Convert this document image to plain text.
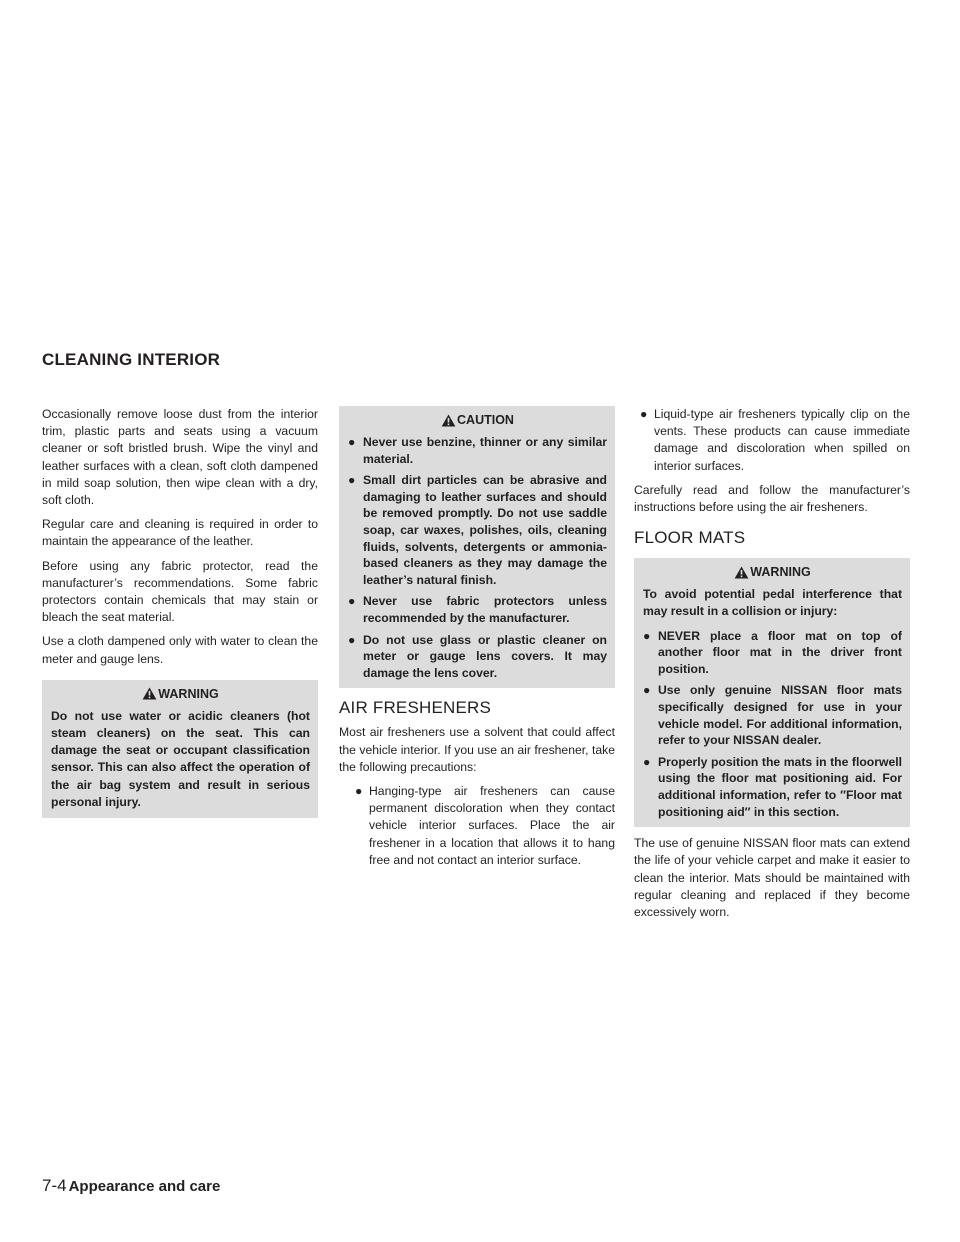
CLEANING INTERIOR

Occasionally remove loose dust from the interior trim, plastic parts and seats using a vacuum cleaner or soft bristled brush. Wipe the vinyl and leather surfaces with a clean, soft cloth dampened in mild soap solution, then wipe clean with a dry, soft cloth.

Regular care and cleaning is required in order to maintain the appearance of the leather.

Before using any fabric protector, read the manufacturer’s recommendations. Some fabric protectors contain chemicals that may stain or bleach the seat material.

Use a cloth dampened only with water to clean the meter and gauge lens.

WARNING

Do not use water or acidic cleaners (hot steam cleaners) on the seat. This can damage the seat or occupant classification sensor. This can also affect the operation of the air bag system and result in serious personal injury.

CAUTION
● Never use benzine, thinner or any similar material.
● Small dirt particles can be abrasive and damaging to leather surfaces and should be removed promptly. Do not use saddle soap, car waxes, polishes, oils, cleaning fluids, solvents, detergents or ammonia-based cleaners as they may damage the leather’s natural finish.
● Never use fabric protectors unless recommended by the manufacturer.
● Do not use glass or plastic cleaner on meter or gauge lens covers. It may damage the lens cover.
AIR FRESHENERS

Most air fresheners use a solvent that could affect the vehicle interior. If you use an air freshener, take the following precautions:

● Hanging-type air fresheners can cause permanent discoloration when they contact vehicle interior surfaces. Place the air freshener in a location that allows it to hang free and not contact an interior surface.
● Liquid-type air fresheners typically clip on the vents. These products can cause immediate damage and discoloration when spilled on interior surfaces.

Carefully read and follow the manufacturer’s instructions before using the air fresheners.

FLOOR MATS
WARNING

To avoid potential pedal interference that may result in a collision or injury:

● NEVER place a floor mat on top of another floor mat in the driver front position.
● Use only genuine NISSAN floor mats specifically designed for use in your vehicle model. For additional information, refer to your NISSAN dealer.
● Properly position the mats in the floorwell using the floor mat positioning aid. For additional information, refer to ″Floor mat positioning aid″ in this section.

The use of genuine NISSAN floor mats can extend the life of your vehicle carpet and make it easier to clean the interior. Mats should be maintained with regular cleaning and replaced if they become excessively worn.

7-4 Appearance and care
